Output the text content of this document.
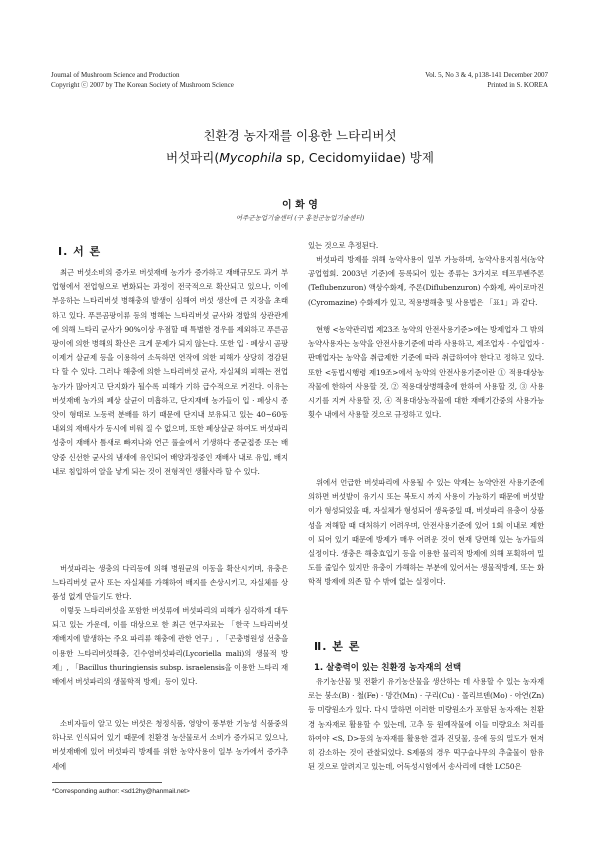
Journal of Mushroom Science and Production
Copyright ⓒ 2007 by The Korean Society of Mushroom Science
Vol. 5, No 3 & 4, p138-141 December 2007
Printed in S. KOREA
친환경 농자재를 이용한 느타리버섯
버섯파리(Mycophila sp, Cecidomyiidae) 방제
이 화 영
여주군농업기술센터 (구 홍천군농업기술센터)
Ⅰ. 서 론

최근 버섯소비의 증가로 버섯재배 농가가 증가하고 재배규모도 과거 부업형에서 전업형으로 변화되는 과정이 전국적으로 확산되고 있으나, 이에 부응하는 느타리버섯 병해충의 발생이 심해여 버섯 생산에 큰 지장을 초래하고 있다. 푸른곰팡이류 등의 병해는 느타리버섯 균사와 경합의 상관관계에 의해 느타리 균사가 90%이상 우점할 때 특별한 경우를 제외하고 푸른곰팡이에 의한 병해의 확산은 크게 문제가 되지 않는다. 또한 입 · 폐상시 곰팡이제거 살균제 등을 이용하여 소독하면 연작에 의한 피해가 상당히 경감된다 할 수 있다. 그러나 해충에 의한 느타리버섯 균사, 자실체의 피해는 전업농가가 많아지고 단지화가 될수록 피해가 기하 급수적으로 커진다. 이유는 버섯재배 농가의 폐상 살균이 미흡하고, 단지재배 농가들이 입 · 폐상시 종앗이 형태로 노동력 분배를 하기 때문에 단지내 보유되고 있는 40~60동 내외의 재배사가 동시에 비워 질 수 없으며, 또한 폐상살균 하여도 버섯파리 성충이 재배사 틈새로 빠져나와 연근 풀숲에서 기생하다 종균접종 또는 배양중 신선한 균사의 냄새에 유인되어 배양과정중인 재배사 내로 유입, 배지내로 침입하여 알을 낳게 되는 것이 전형적인 생활사라 할 수 있다.

버섯파리는 생충의 다리등에 의해 병원균의 이동을 확산시키며, 유충은 느타리버섯 균사 또는 자실체를 가해하여 배지를 손상시키고, 자실체를 상품성 없게 만들기도 한다.

이렇듯 느타리버섯을 포함한 버섯류에 버섯파리의 피해가 심각하게 대두 되고 있는 가운데, 이를 대상으로 한 최근 연구자료는 「한국 느타리버섯 재배지에 발생하는 주요 파리류 해충에 관한 연구」, 「곤충병원성 선충을 이용한 느타리버섯해충, 긴수염버섯파리(Lycoriella mali)의 생물적 방제」, 「Bacillus thuringiensis subsp. israelensis을 이용한 느타리 재배에서 버섯파리의 생물학적 방제」등이 있다.

소비자들이 알고 있는 버섯은 청정식품, 영양이 풍부한 기능성 식품중의 하나로 인식되어 있기 때문에 친환경 농산물로서 소비가 증가되고 있으나, 버섯재배에 있어 버섯파리 방제를 위한 농약사용이 일부 농가에서 증가추세에

*Corresponding author: <sd12hy@hanmail.net>

있는 것으로 추정된다.

버섯파리 방제를 위해 농약사용이 일부 가능하며, 농약사용지침서(농약공업협회. 2003년 기준)에 등록되어 있는 종류는 3가지로 테프루벤주론(Teflubenzuron) 액상수화제, 주론(Diflubenzuron) 수화제, 싸이로마진(Cyromazine) 수화제가 있고, 적용병해충 및 사용법은 「표1」과 같다.

현행 <농약관리법 제23조 농약의 안전사용기준>에는 방제업자 그 밖의 농약사용자는 농약을 안전사용기준에 따라 사용하고, 제조업자 · 수입업자 · 판매업자는 농약을 취급제한 기준에 따라 취급하여야 한다고 정하고 있다. 또한 <동법시행령 제19조>에서 농약의 안전사용기준이란 ① 적용대상농작물에 한하여 사용할 것, ② 적용대상병해충에 한하여 사용할 것, ③ 사용시기를 지켜 사용할 것, ④ 적용대상농작물에 대한 재배기간중의 사용가능횟수 내에서 사용할 것으로 규정하고 있다.

위에서 언급한 버섯파리에 사용될 수 있는 약제는 농약안전 사용기준에 의하면 버섯발이 유기시 또는 복토시 까지 사용이 가능하기 때문에 버섯발이가 형성되었을 때, 자실체가 형성되어 생육중일 때, 버섯파리 유충이 상품성을 저해할 때 대처하기 어려우며, 안전사용기준에 있어 1회 이내로 제한이 되어 있기 때문에 방제가 매우 어려운 것이 현재 당면해 있는 농가들의 실정이다. 생충은 해충효입기 등을 이용한 물리적 방제에 의해 포획하여 밀도를 줄일수 있지만 유충이 가해하는 부분에 있어서는 생물적방제, 또는 화학적 방제에 의존 할 수 밖에 없는 실정이다.

Ⅱ. 본 론
1. 살충력이 있는 친환경 농자재의 선택

유기농산물 및 전환기 유기농산물을 생산하는 데 사용할 수 있는 농자재로는 붕소(B) · 철(Fe) · 망간(Mn) · 구리(Cu) · 몰리브덴(Mo) · 아연(Zn)등 미량원소가 있다. 다시 말하면 이러한 미량원소가 포함된 농자재는 친환경 농자재로 활용할 수 있는데, 고추 등 원예작물에 이들 미량요소 처리를 하여야 <S, D>등의 농자재를 활용한 결과 진딧물, 응애 등의 밀도가 현저히 감소하는 것이 관찰되었다. S제품의 경우 떡구슬나무의 추출물이 함유된 것으로 알려지고 있는데, 어독성시험에서 송사리에 대한 LC50은
